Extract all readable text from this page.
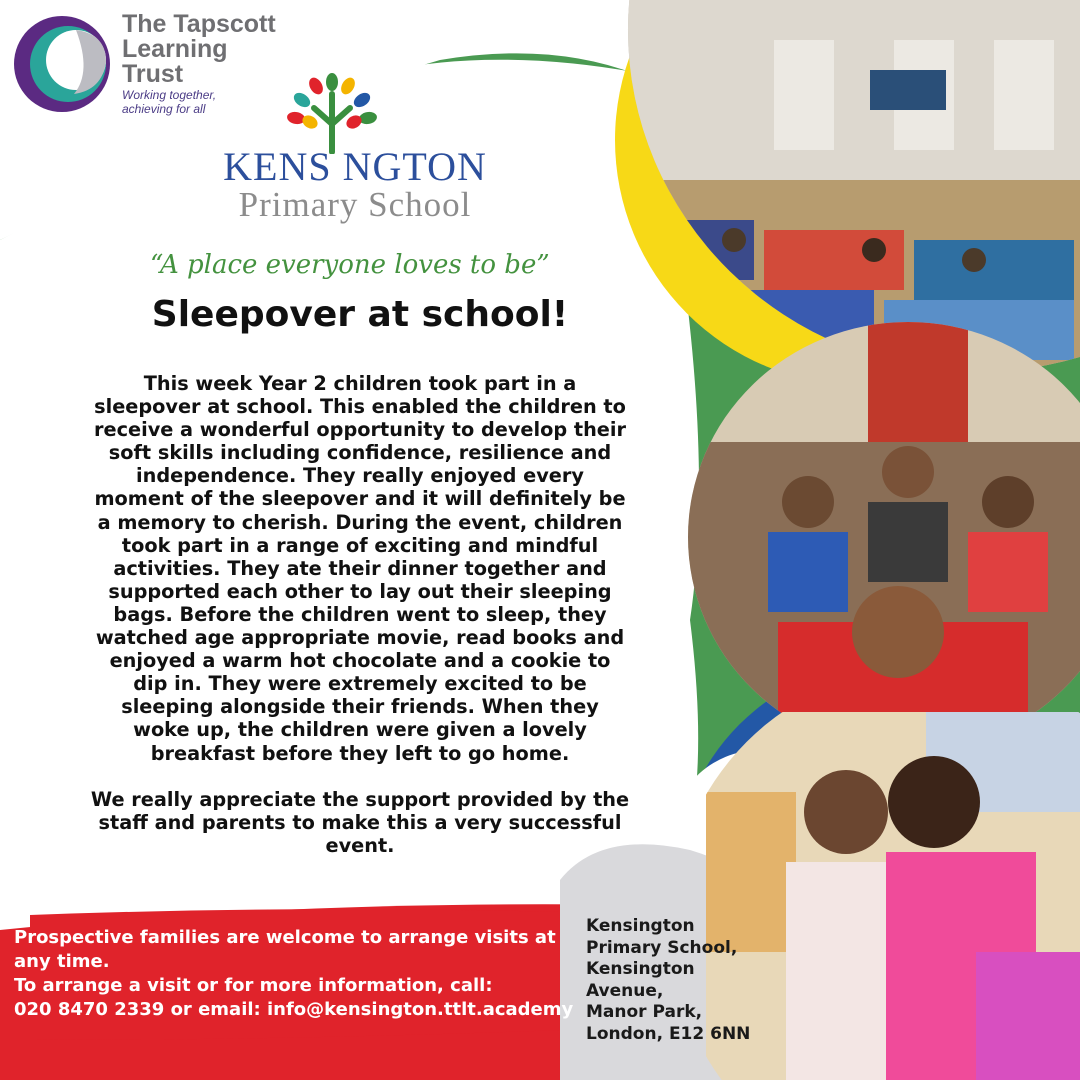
The Tapscott
Learning
Trust
Working together,
achieving for all
KENS NGTON
Primary School
“A place everyone loves to be”
Sleepover at school!

This week Year 2 children took part in a sleepover at school. This enabled the children to receive a wonderful opportunity to develop their soft skills including confidence, resilience and independence. They really enjoyed every moment of the sleepover and it will definitely be a memory to cherish. During the event, children took part in a range of exciting and mindful activities. They ate their dinner together and supported each other to lay out their sleeping bags. Before the children went to sleep, they watched age appropriate movie, read books and enjoyed a warm hot chocolate and a cookie to dip in. They were extremely excited to be sleeping alongside their friends. When they woke up, the children were given a lovely breakfast before they left to go home.

We really appreciate the support provided by the staff and parents to make this a very successful event.

Prospective families are welcome to arrange visits at
any time.
To arrange a visit or for more information, call:
020 8470 2339 or email: info@kensington.ttlt.academy
Kensington
Primary School,
Kensington
Avenue,
Manor Park,
London, E12 6NN
